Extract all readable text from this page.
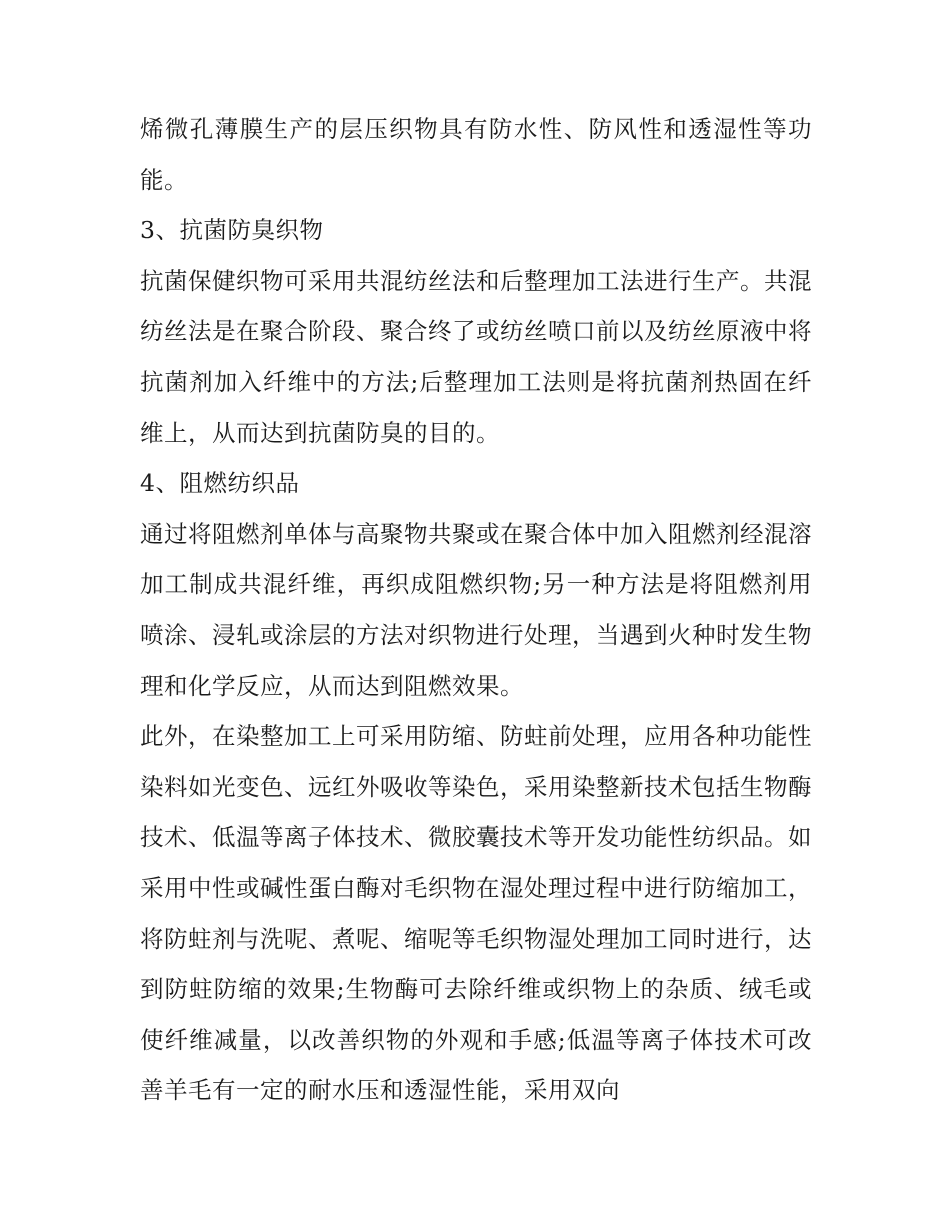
烯微孔薄膜生产的层压织物具有防水性、防风性和透湿性等功能。

3、抗菌防臭织物

抗菌保健织物可采用共混纺丝法和后整理加工法进行生产。共混纺丝法是在聚合阶段、聚合终了或纺丝喷口前以及纺丝原液中将抗菌剂加入纤维中的方法;后整理加工法则是将抗菌剂热固在纤维上，从而达到抗菌防臭的目的。

4、阻燃纺织品

通过将阻燃剂单体与高聚物共聚或在聚合体中加入阻燃剂经混溶加工制成共混纤维，再织成阻燃织物;另一种方法是将阻燃剂用喷涂、浸轧或涂层的方法对织物进行处理，当遇到火种时发生物理和化学反应，从而达到阻燃效果。

此外，在染整加工上可采用防缩、防蛀前处理，应用各种功能性染料如光变色、远红外吸收等染色，采用染整新技术包括生物酶技术、低温等离子体技术、微胶囊技术等开发功能性纺织品。如采用中性或碱性蛋白酶对毛织物在湿处理过程中进行防缩加工，将防蛀剂与洗呢、煮呢、缩呢等毛织物湿处理加工同时进行，达到防蛀防缩的效果;生物酶可去除纤维或织物上的杂质、绒毛或使纤维减量，以改善织物的外观和手感;低温等离子体技术可改善羊毛有一定的耐水压和透湿性能，采用双向
